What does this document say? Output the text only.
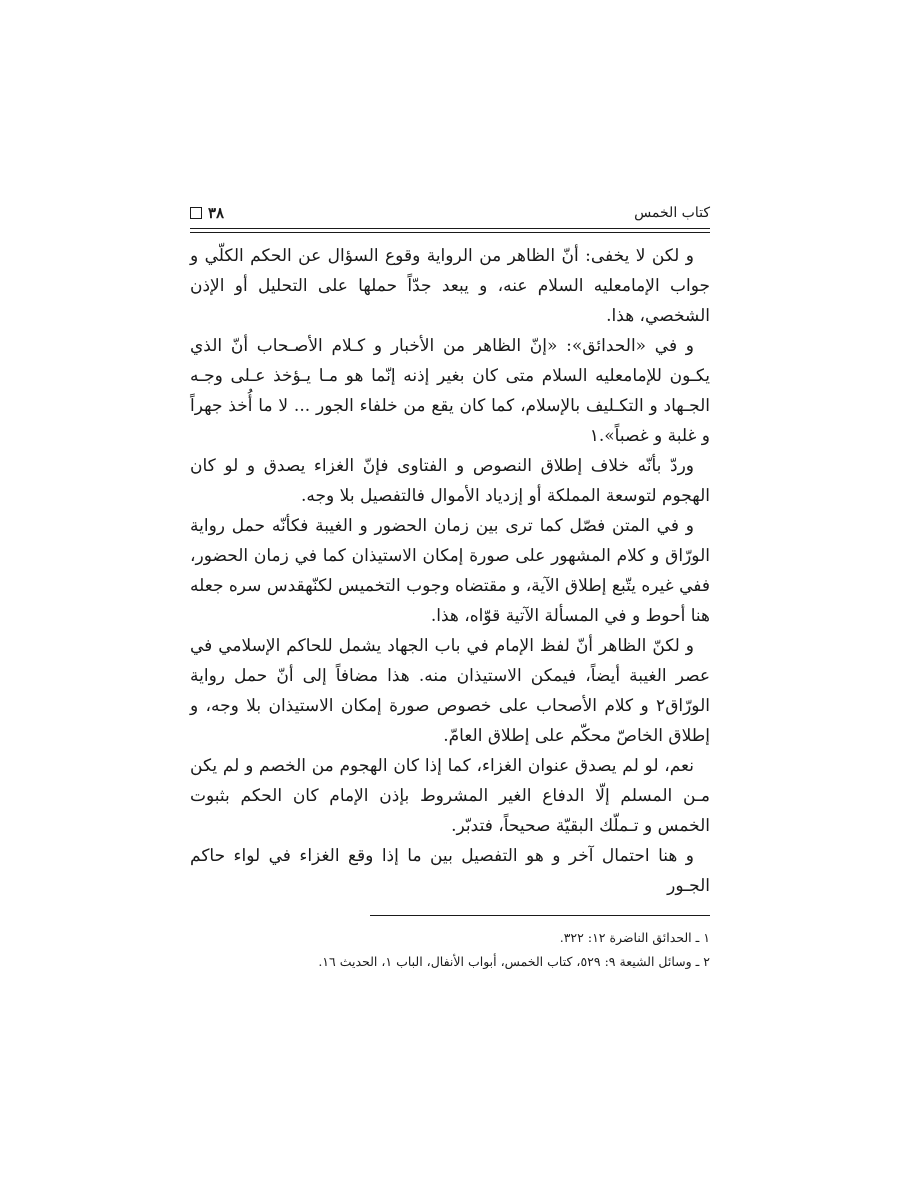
كتاب الخمس
٣٨

و لكن لا يخفى: أنّ الظاهر من الرواية وقوع السؤال عن الحكم الكلّي و جواب الإمامعليه السلام عنه، و يبعد جدّاً حملها على التحليل أو الإذن الشخصي، هذا.

و في «الحدائق»: «إنّ الظاهر من الأخبار و كـلام الأصـحاب أنّ الذي يكـون للإمامعليه السلام متى كان بغير إذنه إنّما هو مـا يـؤخذ عـلى وجـه الجـهاد و التكـليف بالإسلام، كما كان يقع من خلفاء الجور ... لا ما أُخذ جهراً و غلبة و غصباً».١

وردّ بأنّه خلاف إطلاق النصوص و الفتاوى فإنّ الغزاء يصدق و لو كان الهجوم لتوسعة المملكة أو إزدياد الأموال فالتفصيل بلا وجه.

و في المتن فصّل كما ترى بين زمان الحضور و الغيبة فكأنّه حمل رواية الورّاق و كلام المشهور على صورة إمكان الاستيذان كما في زمان الحضور، ففي غيره يتّبع إطلاق الآية، و مقتضاه وجوب التخميس لكنّهقدس سره جعله هنا أحوط و في المسألة الآتية قوّاه، هذا.

و لكنّ الظاهر أنّ لفظ الإمام في باب الجهاد يشمل للحاكم الإسلامي في عصر الغيبة أيضاً، فيمكن الاستيذان منه. هذا مضافاً إلى أنّ حمل رواية الورّاق٢ و كلام الأصحاب على خصوص صورة إمكان الاستيذان بلا وجه، و إطلاق الخاصّ محكّم على إطلاق العامّ.

نعم، لو لم يصدق عنوان الغزاء، كما إذا كان الهجوم من الخصم و لم يكن مـن المسلم إلّا الدفاع الغير المشروط بإذن الإمام كان الحكم بثبوت الخمس و تـملّك البقيّة صحيحاً، فتدبّر.

و هنا احتمال آخر و هو التفصيل بين ما إذا وقع الغزاء في لواء حاكم الجـور

١ ـ الحدائق الناضرة ١٢: ٣٢٢.

٢ ـ وسائل الشيعة ٩: ٥٢٩، كتاب الخمس، أبواب الأنفال، الباب ١، الحديث ١٦.
